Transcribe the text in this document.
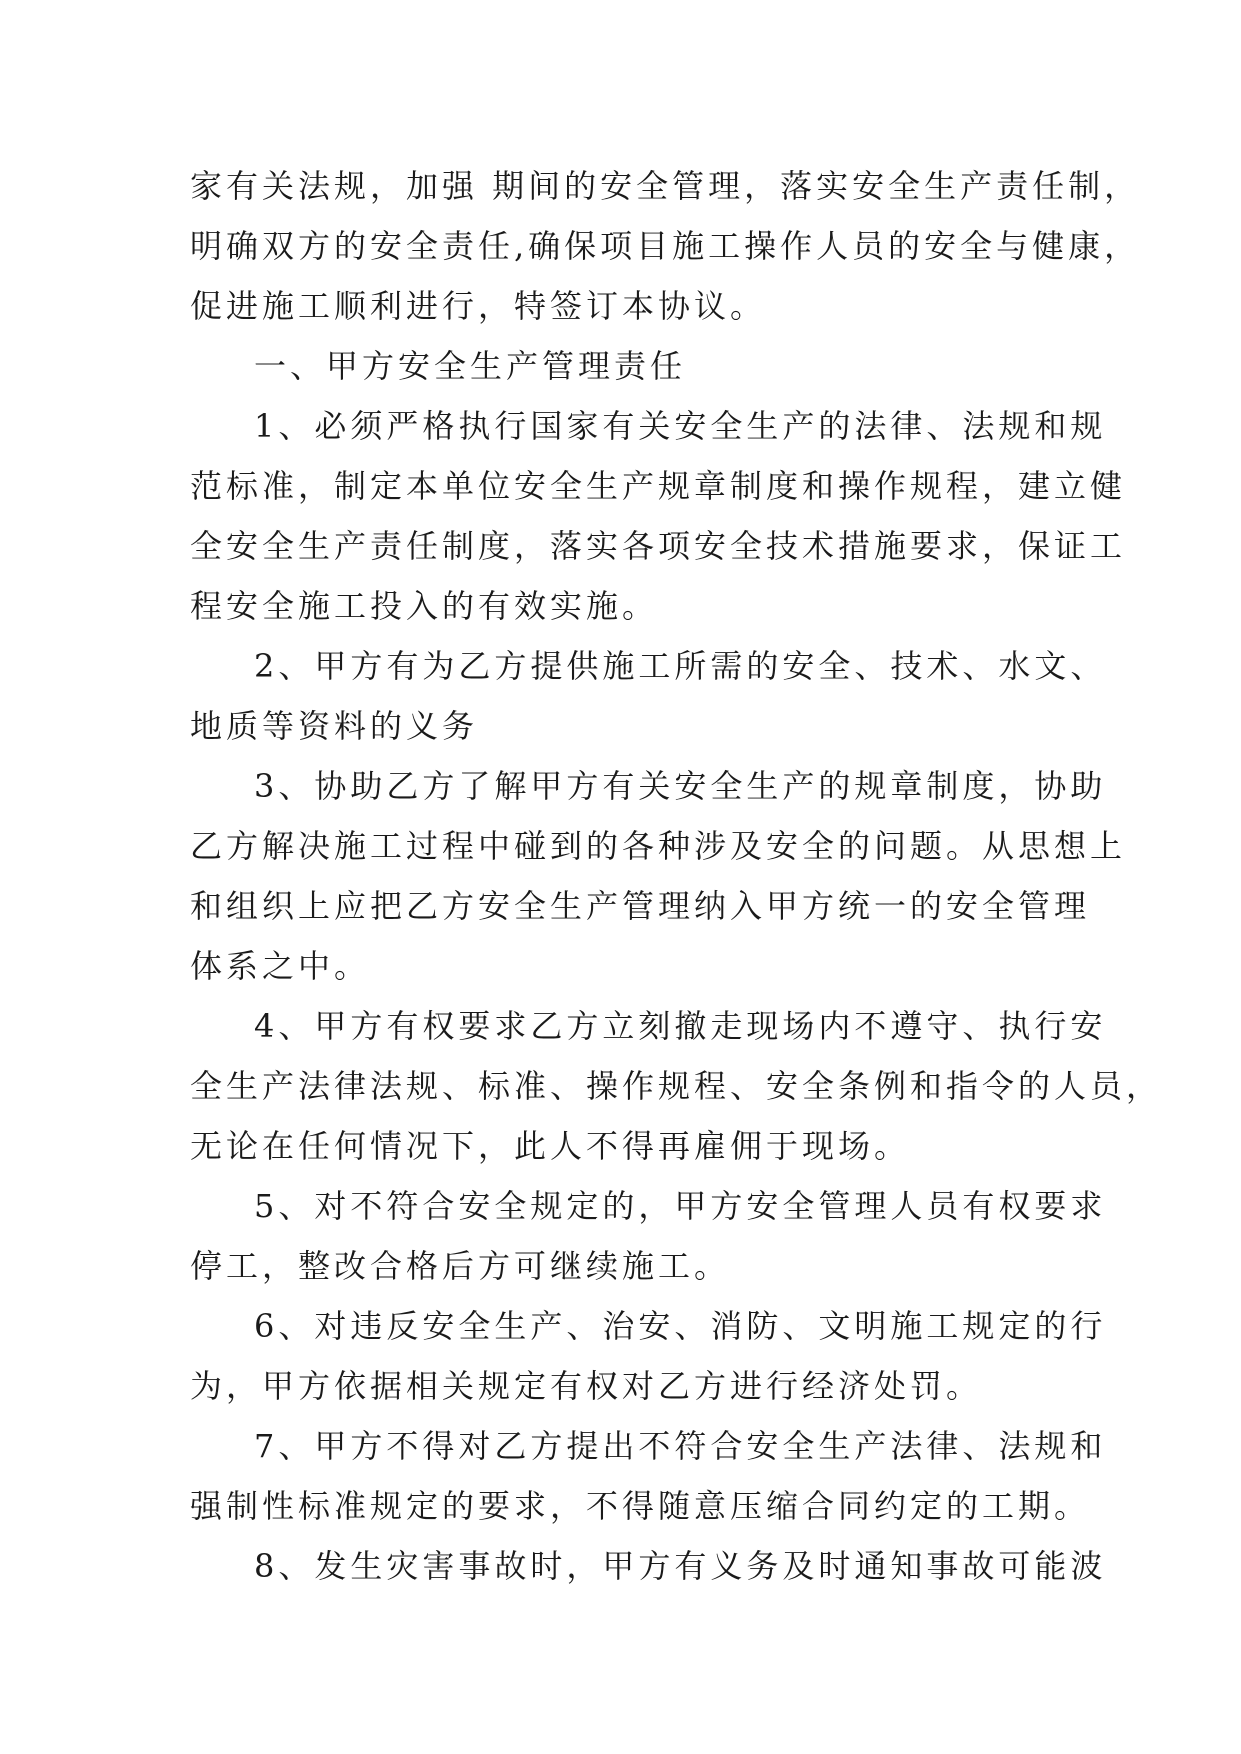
家有关法规，加强 期间的安全管理，落实安全生产责任制，
明确双方的安全责任,确保项目施工操作人员的安全与健康，
促进施工顺利进行，特签订本协议。
一、甲方安全生产管理责任
1、必须严格执行国家有关安全生产的法律、法规和规
范标准，制定本单位安全生产规章制度和操作规程，建立健
全安全生产责任制度，落实各项安全技术措施要求，保证工
程安全施工投入的有效实施。
2、甲方有为乙方提供施工所需的安全、技术、水文、
地质等资料的义务
3、协助乙方了解甲方有关安全生产的规章制度，协助
乙方解决施工过程中碰到的各种涉及安全的问题。从思想上
和组织上应把乙方安全生产管理纳入甲方统一的安全管理
体系之中。
4、甲方有权要求乙方立刻撤走现场内不遵守、执行安
全生产法律法规、标准、操作规程、安全条例和指令的人员，
无论在任何情况下，此人不得再雇佣于现场。
5、对不符合安全规定的，甲方安全管理人员有权要求
停工，整改合格后方可继续施工。
6、对违反安全生产、治安、消防、文明施工规定的行
为，甲方依据相关规定有权对乙方进行经济处罚。
7、甲方不得对乙方提出不符合安全生产法律、法规和
强制性标准规定的要求，不得随意压缩合同约定的工期。
8、发生灾害事故时，甲方有义务及时通知事故可能波
